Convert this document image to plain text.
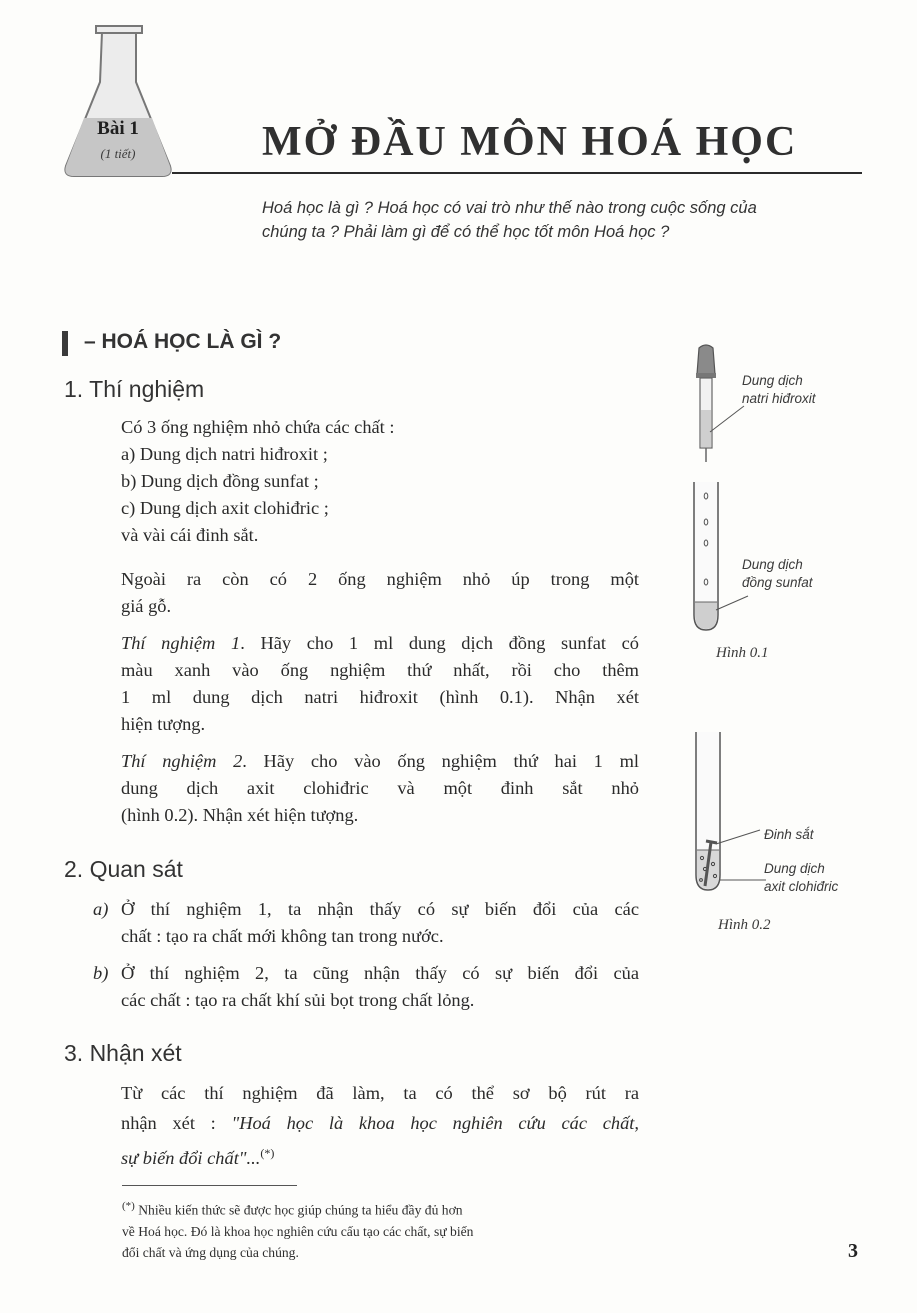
Bài 1
(1 tiết)	MỞ ĐẦU MÔN HOÁ HỌC
Hoá học là gì ? Hoá học có vai trò như thế nào trong cuộc sống của
chúng ta ? Phải làm gì để có thể học tốt môn Hoá học ?
– HOÁ HỌC LÀ GÌ ?
1. Thí nghiệm

Có 3 ống nghiệm nhỏ chứa các chất :

a) Dung dịch natri hiđroxit ;

b) Dung dịch đồng sunfat ;

c) Dung dịch axit clohiđric ;

và vài cái đinh sắt.

Ngoài ra còn có 2 ống nghiệm nhỏ úp trong một

giá gỗ.

Thí nghiệm 1. Hãy cho 1 ml dung dịch đồng sunfat có

màu xanh vào ống nghiệm thứ nhất, rồi cho thêm

1 ml dung dịch natri hiđroxit (hình 0.1). Nhận xét

hiện tượng.

Thí nghiệm 2. Hãy cho vào ống nghiệm thứ hai 1 ml

dung dịch axit clohiđric và một đinh sắt nhỏ

(hình 0.2). Nhận xét hiện tượng.

2. Quan sát

a) Ở thí nghiệm 1, ta nhận thấy có sự biến đổi của các

chất : tạo ra chất mới không tan trong nước.

b) Ở thí nghiệm 2, ta cũng nhận thấy có sự biến đổi của

các chất : tạo ra chất khí sủi bọt trong chất lỏng.

3. Nhận xét

Từ các thí nghiệm đã làm, ta có thể sơ bộ rút ra

nhận xét : "Hoá học là khoa học nghiên cứu các chất,

sự biến đổi chất"...(*)

(*) Nhiều kiến thức sẽ được học giúp chúng ta hiểu đầy đủ hơn
về Hoá học. Đó là khoa học nghiên cứu cấu tạo các chất, sự biến
đổi chất và ứng dụng của chúng.	3
Dung dịch
natri hiđroxit
Dung dịch
đồng sunfat
Hình 0.1
Đinh sắt
Dung dịch
axit clohiđric
Hình 0.2
